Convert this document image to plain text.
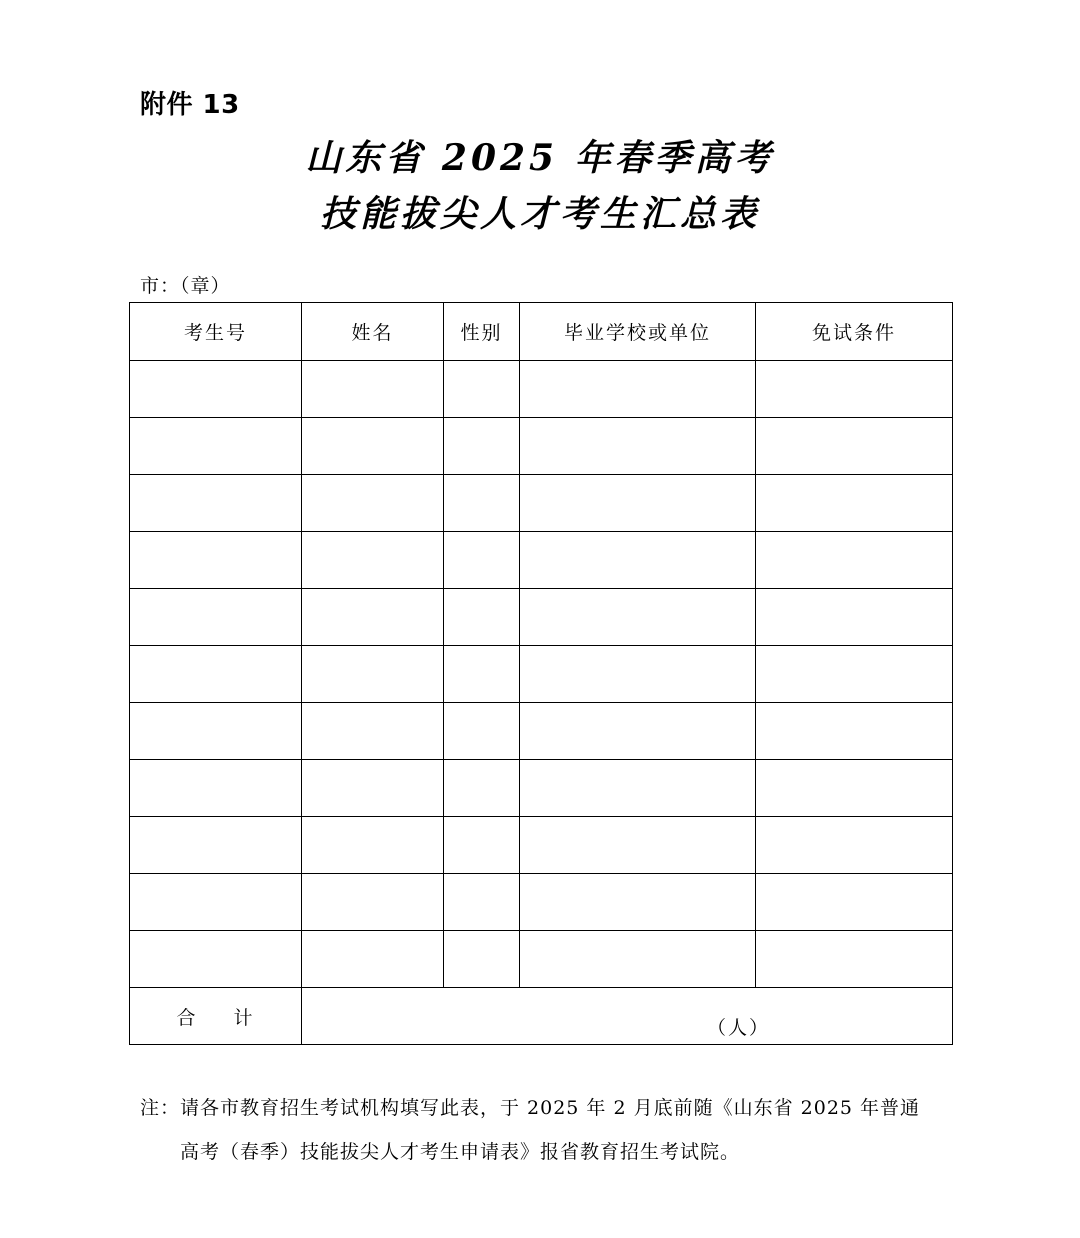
附件 13
山东省 2025 年春季高考
技能拔尖人才考生汇总表
市：（章）
考生号	姓名	性别	毕业学校或单位	免试条件

合 计	（人）			
注：请各市教育招生考试机构填写此表，于 2025 年 2 月底前随《山东省 2025 年普通
高考（春季）技能拔尖人才考生申请表》报省教育招生考试院。
